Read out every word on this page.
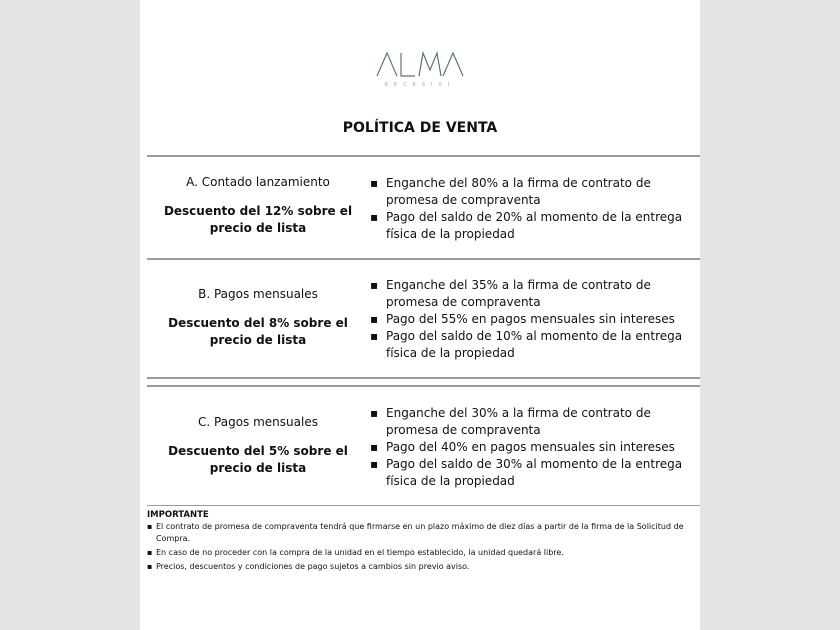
RECESIVI
POLÍTICA DE VENTA
A. Contado lanzamiento
Descuento del 12% sobre el precio de lista
▪ Enganche del 80% a la firma de contrato de promesa de compraventa
▪ Pago del saldo de 20% al momento de la entrega física de la propiedad
B. Pagos mensuales
Descuento del 8% sobre el precio de lista
▪ Enganche del 35% a la firma de contrato de promesa de compraventa
▪ Pago del 55% en pagos mensuales sin intereses
▪ Pago del saldo de 10% al momento de la entrega física de la propiedad
C. Pagos mensuales
Descuento del 5% sobre el precio de lista
▪ Enganche del 30% a la firma de contrato de promesa de compraventa
▪ Pago del 40% en pagos mensuales sin intereses
▪ Pago del saldo de 30% al momento de la entrega física de la propiedad
IMPORTANTE
▪ El contrato de promesa de compraventa tendrá que firmarse en un plazo máximo de diez días a partir de la firma de la Solicitud de Compra.
▪ En caso de no proceder con la compra de la unidad en el tiempo establecido, la unidad quedará libre.
▪ Precios, descuentos y condiciones de pago sujetos a cambios sin previo aviso.
